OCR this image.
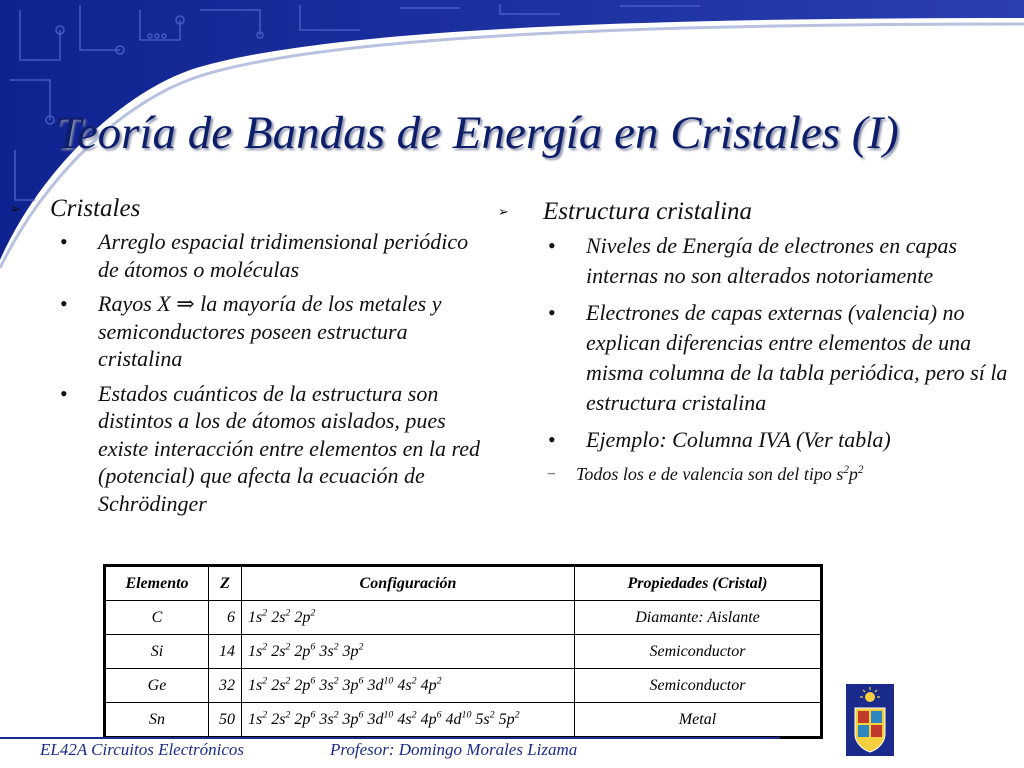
Teoría de Bandas de Energía en Cristales (I)
➢ Cristales
• Arreglo espacial tridimensional periódico de átomos o moléculas
• Rayos X ⇒ la mayoría de los metales y semiconductores poseen estructura cristalina
• Estados cuánticos de la estructura son distintos a los de átomos aislados, pues existe interacción entre elementos en la red (potencial) que afecta la ecuación de Schrödinger
➢ Estructura cristalina
• Niveles de Energía de electrones en capas internas no son alterados notoriamente
• Electrones de capas externas (valencia) no explican diferencias entre elementos de una misma columna de la tabla periódica, pero sí la estructura cristalina
• Ejemplo: Columna IVA (Ver tabla)
– Todos los e de valencia son del tipo $s^2p^2$
Elemento	Z	Configuración	Propiedades (Cristal)
C	6	$1s^2$ $2s^2$ $2p^2$	Diamante: Aislante
Si	14	$1s^2$ $2s^2$ $2p^6$ $3s^2$ $3p^2$	Semiconductor
Ge	32	$1s^2$ $2s^2$ $2p^6$ $3s^2$ $3p^6$ $3d^{10}$ $4s^2$ $4p^2$	Semiconductor
Sn	50	$1s^2$ $2s^2$ $2p^6$ $3s^2$ $3p^6$ $3d^{10}$ $4s^2$ $4p^6$ $4d^{10}$ $5s^2$ $5p^2$	Metal
EL42A Circuitos Electrónicos	Profesor: Domingo Morales Lizama
